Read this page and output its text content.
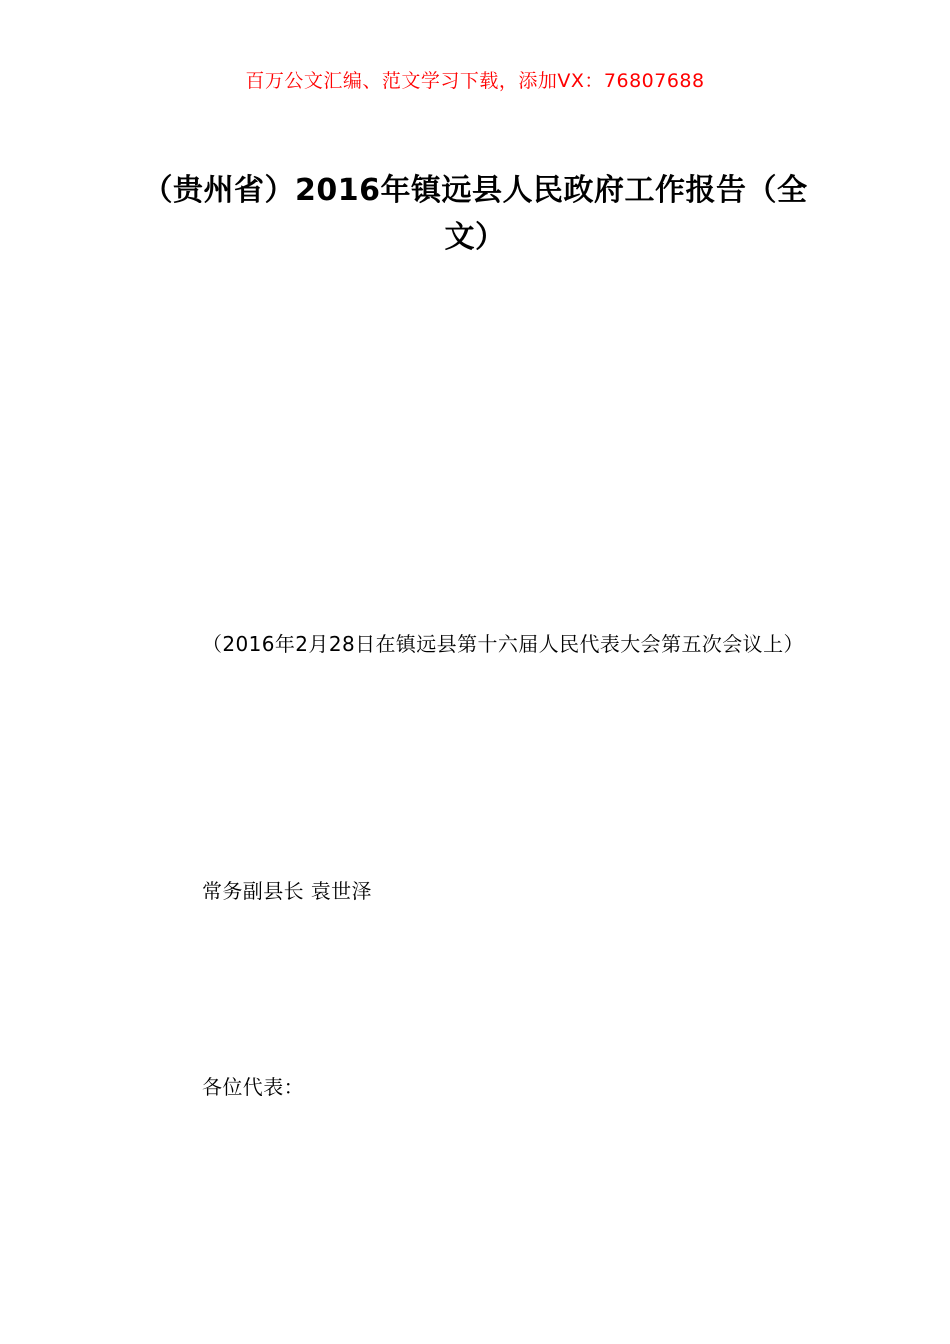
百万公文汇编、范文学习下载，添加VX：76807688
（贵州省）2016年镇远县人民政府工作报告（全文）

（2016年2月28日在镇远县第十六届人民代表大会第五次会议上）

常务副县长 袁世泽

各位代表：
